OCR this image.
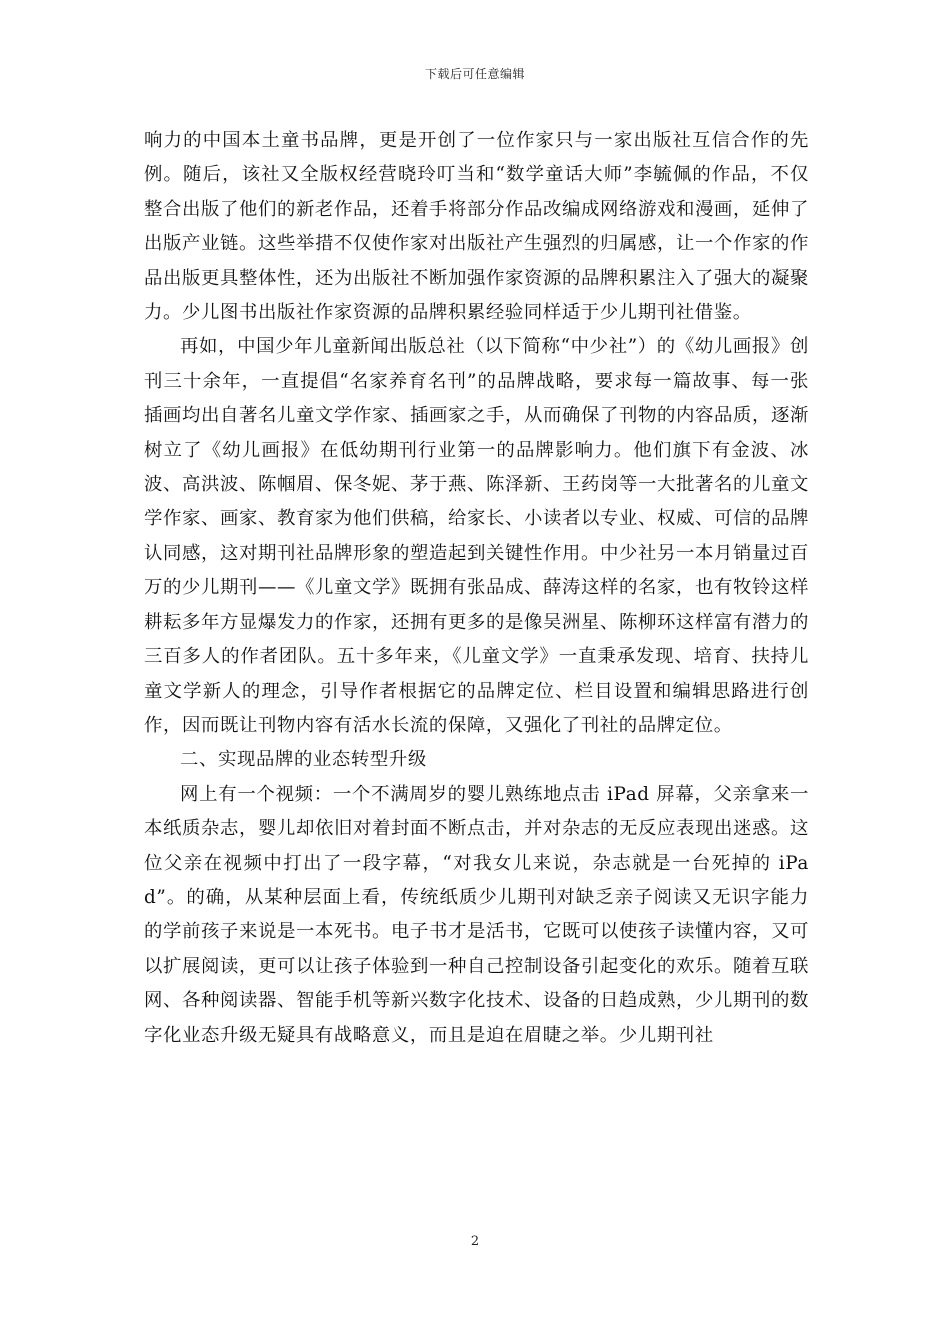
下载后可任意编辑

响力的中国本土童书品牌，更是开创了一位作家只与一家出版社互信合作的先例。随后，该社又全版权经营晓玲叮当和“数学童话大师”李毓佩的作品，不仅整合出版了他们的新老作品，还着手将部分作品改编成网络游戏和漫画，延伸了出版产业链。这些举措不仅使作家对出版社产生强烈的归属感，让一个作家的作品出版更具整体性，还为出版社不断加强作家资源的品牌积累注入了强大的凝聚力。少儿图书出版社作家资源的品牌积累经验同样适于少儿期刊社借鉴。

再如，中国少年儿童新闻出版总社（以下简称“中少社”）的《幼儿画报》创刊三十余年，一直提倡“名家养育名刊”的品牌战略，要求每一篇故事、每一张插画均出自著名儿童文学作家、插画家之手，从而确保了刊物的内容品质，逐渐树立了《幼儿画报》在低幼期刊行业第一的品牌影响力。他们旗下有金波、冰波、高洪波、陈帼眉、保冬妮、茅于燕、陈泽新、王药岗等一大批著名的儿童文学作家、画家、教育家为他们供稿，给家长、小读者以专业、权威、可信的品牌认同感，这对期刊社品牌形象的塑造起到关键性作用。中少社另一本月销量过百万的少儿期刊——《儿童文学》既拥有张品成、薛涛这样的名家，也有牧铃这样耕耘多年方显爆发力的作家，还拥有更多的是像吴洲星、陈柳环这样富有潜力的三百多人的作者团队。五十多年来，《儿童文学》一直秉承发现、培育、扶持儿童文学新人的理念，引导作者根据它的品牌定位、栏目设置和编辑思路进行创作，因而既让刊物内容有活水长流的保障，又强化了刊社的品牌定位。

二、实现品牌的业态转型升级

网上有一个视频：一个不满周岁的婴儿熟练地点击 iPad 屏幕，父亲拿来一本纸质杂志，婴儿却依旧对着封面不断点击，并对杂志的无反应表现出迷惑。这位父亲在视频中打出了一段字幕，“对我女儿来说，杂志就是一台死掉的 iPad”。的确，从某种层面上看，传统纸质少儿期刊对缺乏亲子阅读又无识字能力的学前孩子来说是一本死书。电子书才是活书，它既可以使孩子读懂内容，又可以扩展阅读，更可以让孩子体验到一种自己控制设备引起变化的欢乐。随着互联网、各种阅读器、智能手机等新兴数字化技术、设备的日趋成熟，少儿期刊的数字化业态升级无疑具有战略意义，而且是迫在眉睫之举。少儿期刊社

2
